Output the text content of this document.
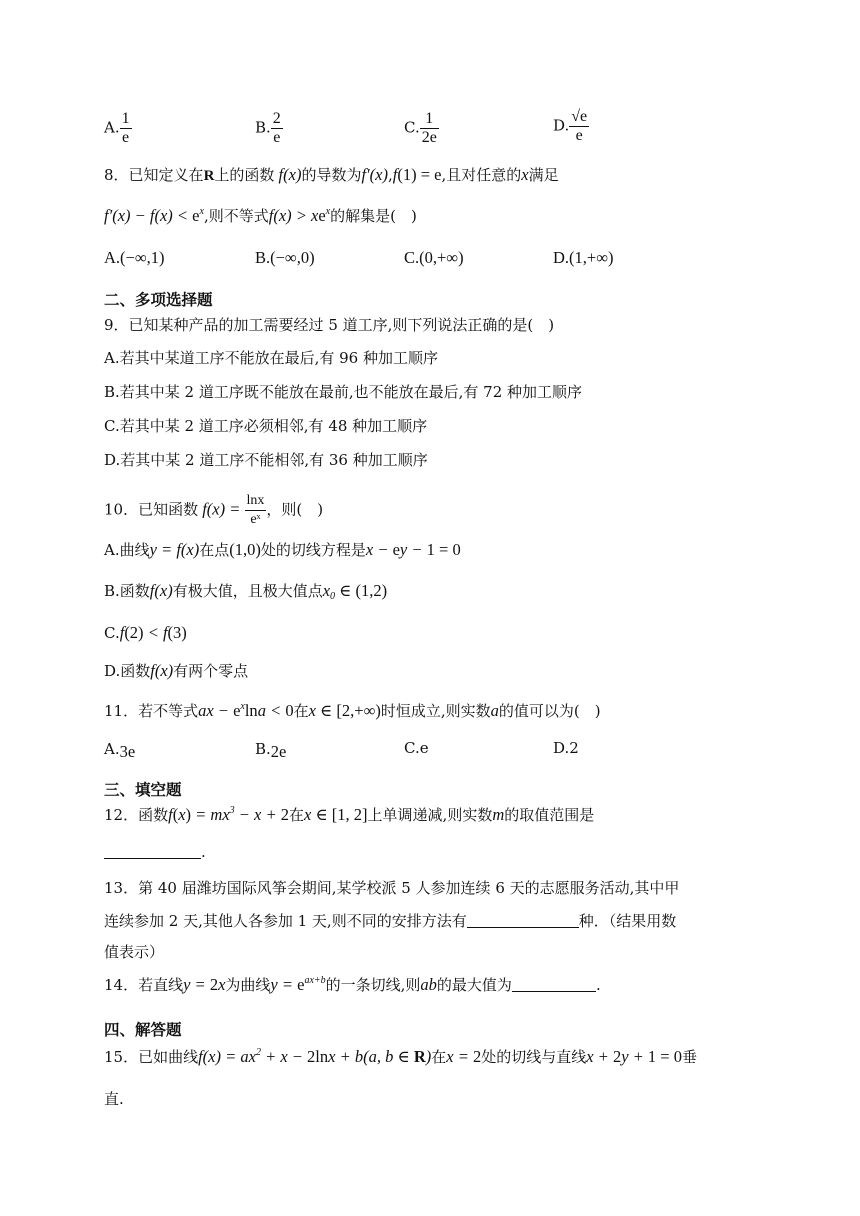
A. $\frac{1}{e}$	B. $\frac{2}{e}$	C. $\frac{1}{2e}$	D. $\frac{√e}{e}$
8．已知定义在R上的函数 f(x)的导数为f′(x),f(1) = e,且对任意的x满足
$f'(x) - f(x) < e^x$,则不等式$f(x) > xe^x$的解集是(　)
A.(−∞,1)	B.(−∞,0)	C.(0,+∞)	D.(1,+∞)
二、多项选择题
9．已知某种产品的加工需要经过 5 道工序,则下列说法正确的是(　)
A.若其中某道工序不能放在最后,有 96 种加工顺序
B.若其中某 2 道工序既不能放在最前,也不能放在最后,有 72 种加工顺序
C.若其中某 2 道工序必须相邻,有 48 种加工顺序
D.若其中某 2 道工序不能相邻,有 36 种加工顺序
10．已知函数 $f(x) = \frac{\ln x}{\text{eˣ}}$ ，则(　)
A.曲线y = f(x)在点(1,0)处的切线方程是x − ey − 1 = 0
B.函数f(x)有极大值，且极大值点$x_0$ ∈ (1,2)
C.f(2) < f(3)
D.函数f(x)有两个零点
11．若不等式ax − $e^x\ln a < 0$在x ∈ [2,+∞)时恒成立,则实数a的值可以为(　)
A.3e	B.2e	C.e	D.2
三、填空题
12．函数$f(x) = mx^3 - x + 2$在x ∈ [1, 2]上单调递减,则实数m的取值范围是
.
13．第 40 届潍坊国际风筝会期间,某学校派 5 人参加连续 6 天的志愿服务活动,其中甲
连续参加 2 天,其他人各参加 1 天,则不同的安排方法有	种．（结果用数
值表示）
14．若直线y = 2x为曲线$y = e^{ax+b}$的一条切线,则ab的最大值为	.
四、解答题
15．已如曲线$f(x) = ax^2 + x - 2\ln x + b(a$, b ∈ R)在x = 2处的切线与直线x + 2y + 1 = 0垂
直.
